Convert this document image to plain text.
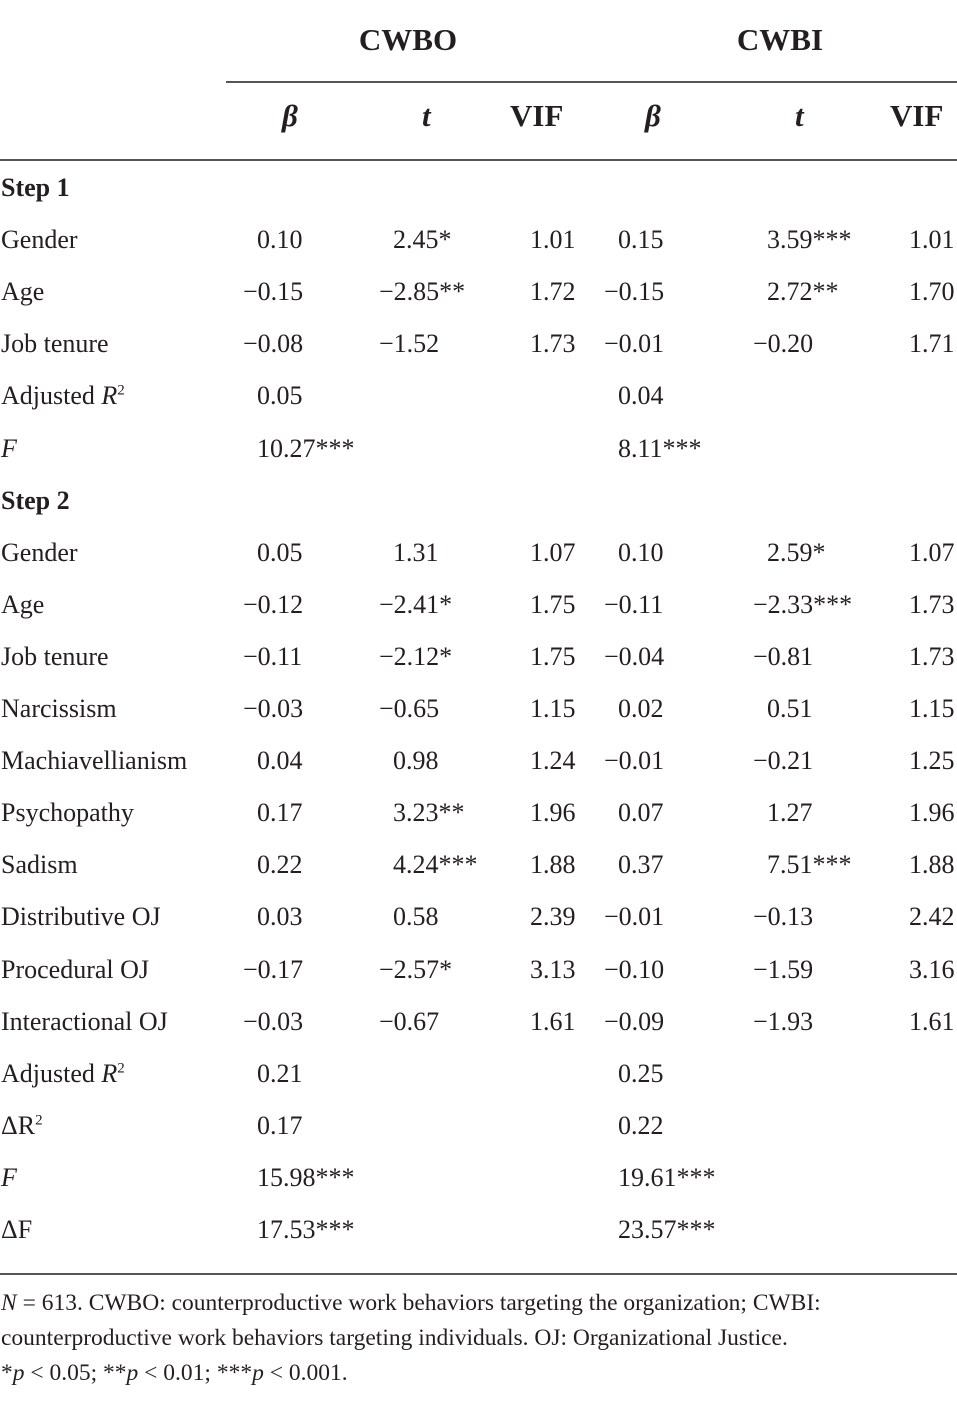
CWBO	CWBI
β	t	VIF	β	t	VIF
Step 1
Gender	0.10	2.45*	1.01 0.15	3.59*** 1.01
Age	−0.15	−2.85** 1.72 −0.15	2.72**	1.70
Job tenure	−0.08	−1.52	1.73 −0.01	−0.20	1.71
Adjusted $R^2$	0.05	0.04
F	10.27***	8.11***
Step 2
Gender	0.05	1.31	1.07 0.10	2.59*	1.07
Age	−0.12	−2.41*	1.75 −0.11	−2.33*** 1.73
Job tenure	−0.11	−2.12*	1.75 −0.04	−0.81	1.73
Narcissism	−0.03	−0.65	1.15 0.02	0.51	1.15
Machiavellianism	0.04	0.98	1.24 −0.01	−0.21	1.25
Psychopathy	0.17	3.23**	1.96 0.07	1.27	1.96
Sadism	0.22	4.24*** 1.88 0.37	7.51*** 1.88
Distributive OJ	0.03	0.58	2.39 −0.01	−0.13	2.42
Procedural OJ	−0.17	−2.57*	3.13 −0.10	−1.59	3.16
Interactional OJ	−0.03	−0.67	1.61 −0.09	−1.93	1.61
Adjusted $R^2$	0.21	0.25
$\Delta R^2$	0.17	0.22
F	15.98***	19.61***
ΔF	17.53***	23.57***
N = 613. CWBO: counterproductive work behaviors targeting the organization; CWBI:
counterproductive work behaviors targeting individuals. OJ: Organizational Justice.
*p < 0.05; **p < 0.01; ***p < 0.001.
